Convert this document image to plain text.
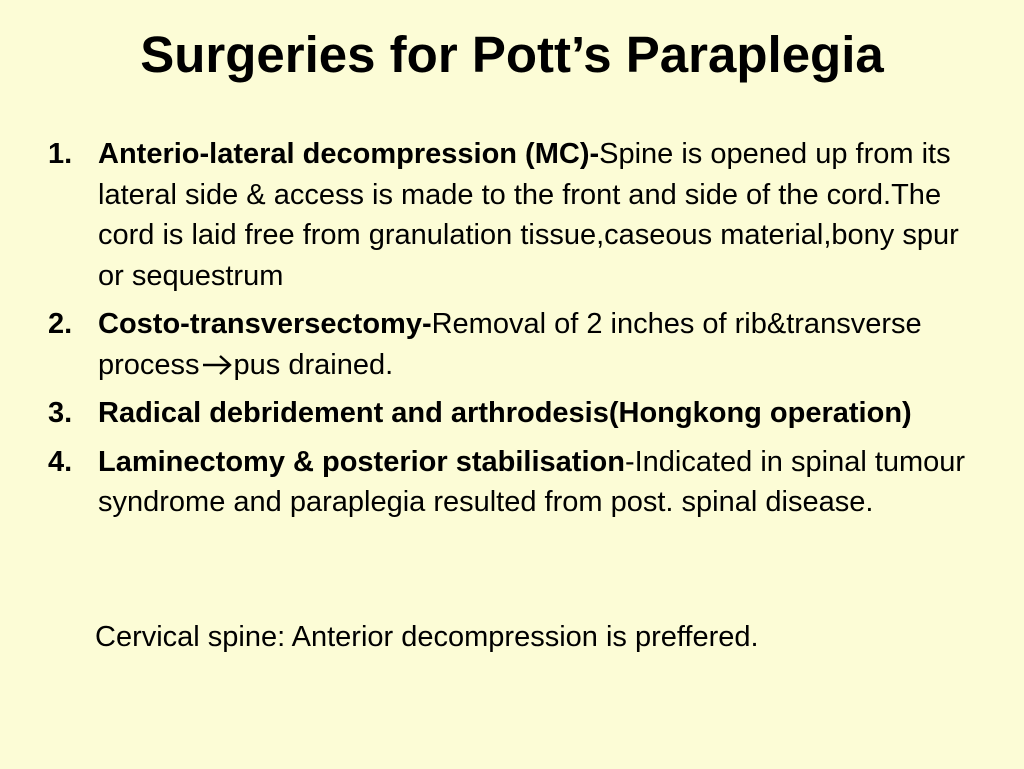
Surgeries for Pott’s Paraplegia
1. Anterio-lateral decompression (MC)-Spine is opened up from its lateral side & access is made to the front and side of the cord.The cord is laid free from granulation tissue,caseous material,bony spur or sequestrum
2. Costo-transversectomy-Removal of 2 inches of rib&transverse process pus drained.
3. Radical debridement and arthrodesis(Hongkong operation)
4. Laminectomy & posterior stabilisation-Indicated in spinal tumour syndrome and paraplegia resulted from post. spinal disease.

Cervical spine: Anterior decompression is preffered.
